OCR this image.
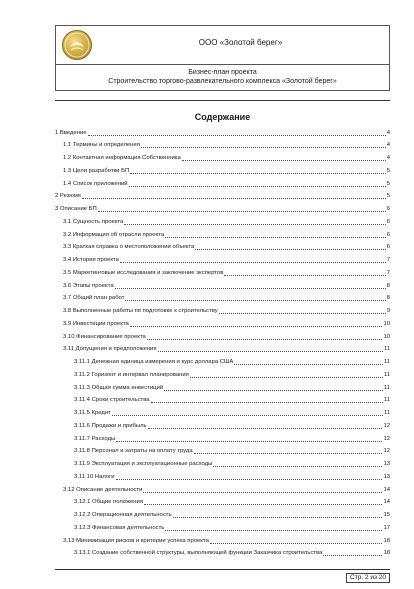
ООО «Золотой берег»
Бизнес-план проекта
Строительство торгово-развлекательного комплекса «Золотой берег»
Содержание
1 Введение	4
1.1 Термины и определения	4
1.2 Контактная информация Собственника	4
1.3 Цели разработки БП	5
1.4 Список приложений	5
2 Резюме	5
3 Описание БП	6
3.1 Сущность проекта	6
3.2 Информация об отрасли проекта	6
3.3 Краткая справка о местоположении объекта	6
3.4 История проекта	7
3.5 Маркетинговые исследования и заключение экспертов	7
3.6 Этапы проекта	8
3.7 Общий план работ	8
3.8 Выполненные работы по подготовке к строительству	9
3.9 Инвестиции проекта	10
3.10 Финансирование проекта	10
3.11 Допущения и предположения	11
3.11.1 Денежная единица измерения и курс доллара США	11
3.11.2 Горизонт и интервал планирования	11
3.11.3 Общая сумма инвестиций	11
3.11.4 Сроки строительства	11
3.11.5 Кредит	11
3.11.6 Продажи и прибыль	12
3.11.7 Расходы	12
3.11.8 Персонал и затраты на оплату труда	12
3.11.9 Эксплуатация и эксплуатационные расходы	13
3.11.10 Налоги	13
3.12 Описание деятельности	14
3.12.1 Общие положения	14
3.12.2 Операционная деятельность	15
3.12.3 Финансовая деятельность	17
3.13 Минимизация рисков и критерии успеха проекта	18
3.13.1 Создание собственной структуры, выполняющей функции Заказчика строительства	18
Стр. 2 из 20
